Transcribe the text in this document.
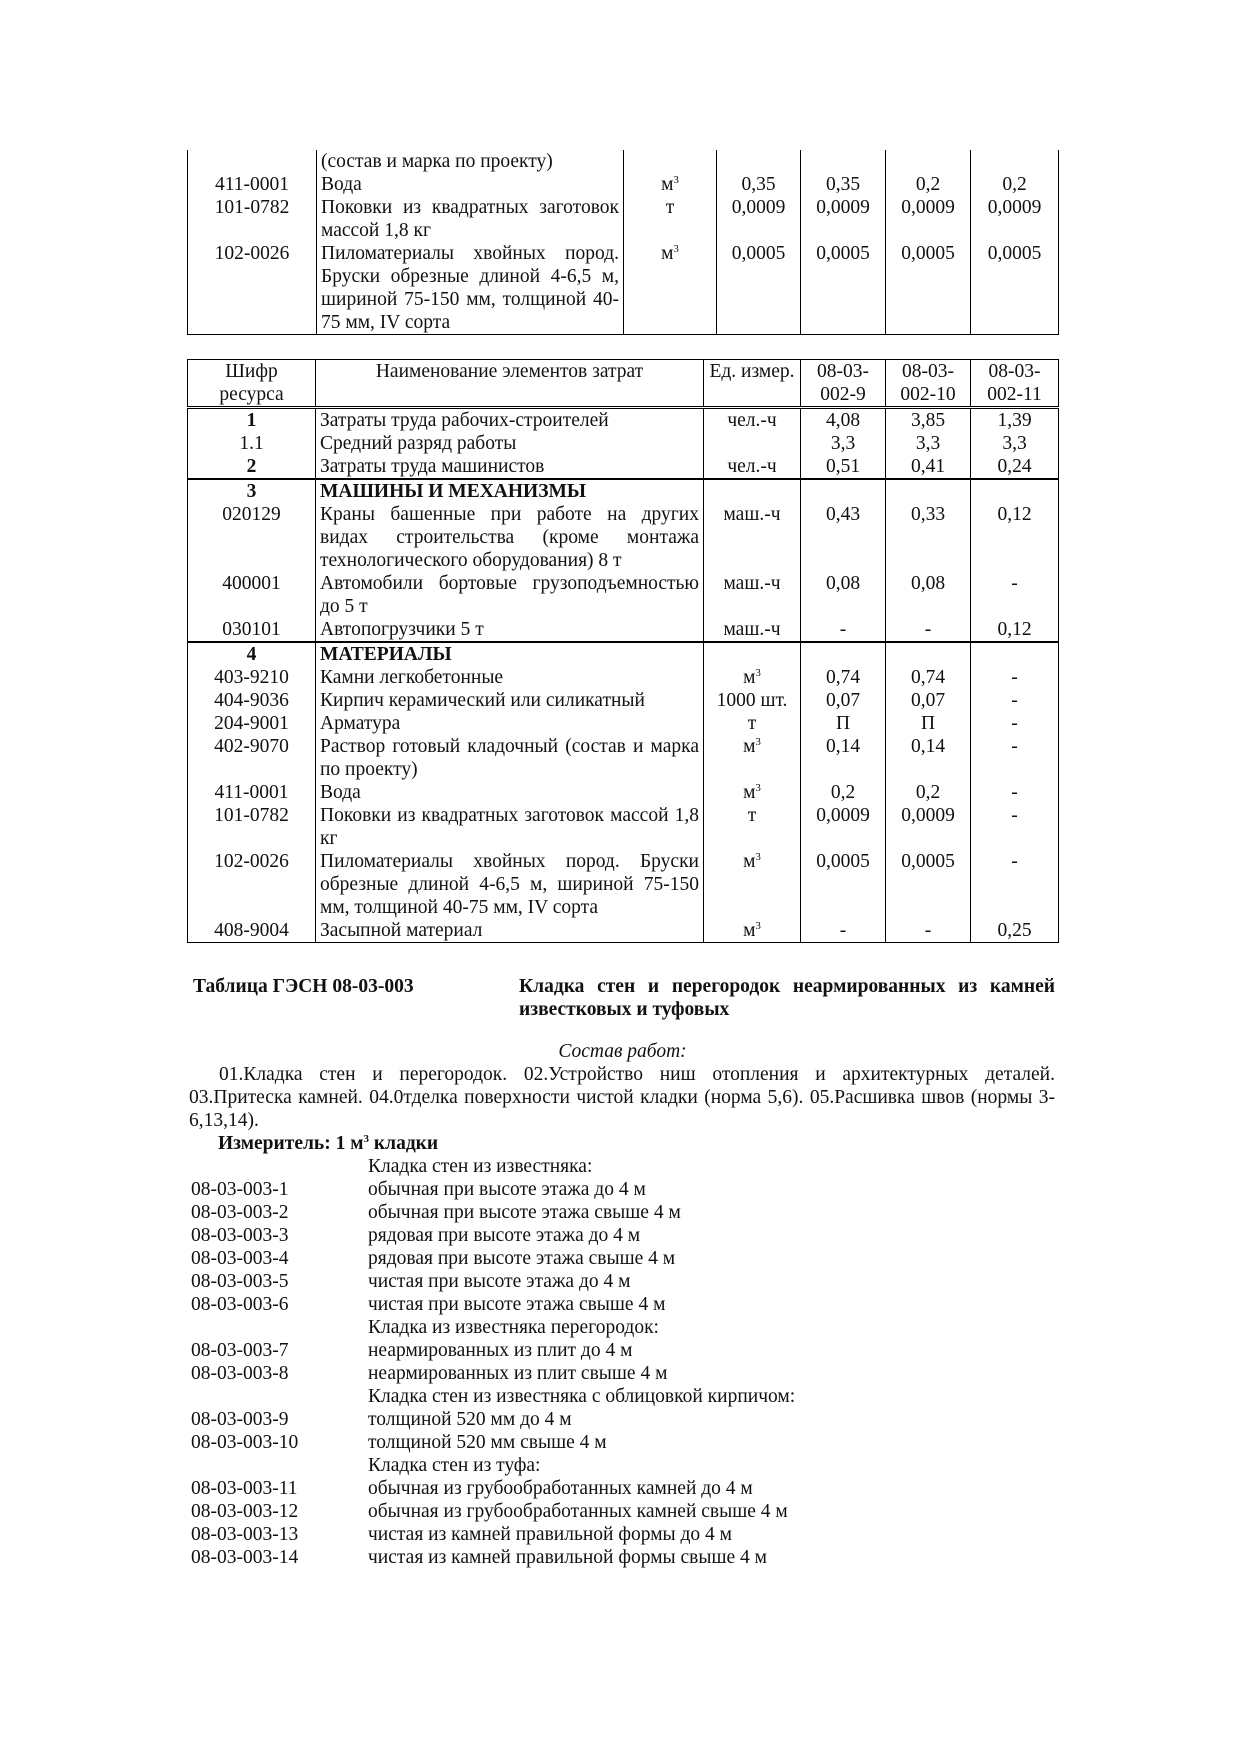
	(состав и марка по проекту)					
411-0001	Вода	$м^3$	0,35	0,35	0,2	0,2
101-0782	Поковки из квадратных заготовок массой 1,8 кг	т	0,0009	0,0009	0,0009	0,0009
102-0026	Пиломатериалы хвойных пород. Бруски обрезные длиной 4-6,5 м, шириной 75-150 мм, толщиной 40-75 мм, IV сорта	$м^3$	0,0005	0,0005	0,0005	0,0005
Шифр ресурса	Наименование элементов затрат	Ед. измер.	08-03-002-9	08-03-002-10	08-03-002-11
1	Затраты труда рабочих-строителей	чел.-ч	4,08	3,85	1,39
1.1	Средний разряд работы		3,3	3,3	3,3
2	Затраты труда машинистов	чел.-ч	0,51	0,41	0,24
3	МАШИНЫ И МЕХАНИЗМЫ				
020129	Краны башенные при работе на других видах строительства (кроме монтажа технологического оборудования) 8 т	маш.-ч	0,43	0,33	0,12
400001	Автомобили бортовые грузоподъемностью до 5 т	маш.-ч	0,08	0,08	-
030101	Автопогрузчики 5 т	маш.-ч	-	-	0,12
4	МАТЕРИАЛЫ				
403-9210	Камни легкобетонные	$м^3$	0,74	0,74	-
404-9036	Кирпич керамический или силикатный	1000 шт.	0,07	0,07	-
204-9001	Арматура	т	П	П	-
402-9070	Раствор готовый кладочный (состав и марка по проекту)	$м^3$	0,14	0,14	-
411-0001	Вода	$м^3$	0,2	0,2	-
101-0782	Поковки из квадратных заготовок массой 1,8 кг	т	0,0009	0,0009	-
102-0026	Пиломатериалы хвойных пород. Бруски обрезные длиной 4-6,5 м, шириной 75-150 мм, толщиной 40-75 мм, IV сорта	$м^3$	0,0005	0,0005	-
408-9004	Засыпной материал	$м^3$	-	-	0,25
Таблица ГЭСН 08-03-003	Кладка стен и перегородок неармированных из камней известковых и туфовых
Состав работ:
01.Кладка стен и перегородок. 02.Устройство ниш отопления и архитектурных деталей. 03.Притеска камней. 04.0тделка поверхности чистой кладки (норма 5,6). 05.Расшивка швов (нормы 3-6,13,14).
Измеритель: 1 $м^3$ кладки
Кладка стен из известняка:
08-03-003-1	обычная при высоте этажа до 4 м
08-03-003-2	обычная при высоте этажа свыше 4 м
08-03-003-3	рядовая при высоте этажа до 4 м
08-03-003-4	рядовая при высоте этажа свыше 4 м
08-03-003-5	чистая при высоте этажа до 4 м
08-03-003-6	чистая при высоте этажа свыше 4 м
Кладка из известняка перегородок:
08-03-003-7	неармированных из плит до 4 м
08-03-003-8	неармированных из плит свыше 4 м
Кладка стен из известняка с облицовкой кирпичом:
08-03-003-9	толщиной 520 мм до 4 м
08-03-003-10	толщиной 520 мм свыше 4 м
Кладка стен из туфа:
08-03-003-11	обычная из грубообработанных камней до 4 м
08-03-003-12	обычная из грубообработанных камней свыше 4 м
08-03-003-13	чистая из камней правильной формы до 4 м
08-03-003-14	чистая из камней правильной формы свыше 4 м
